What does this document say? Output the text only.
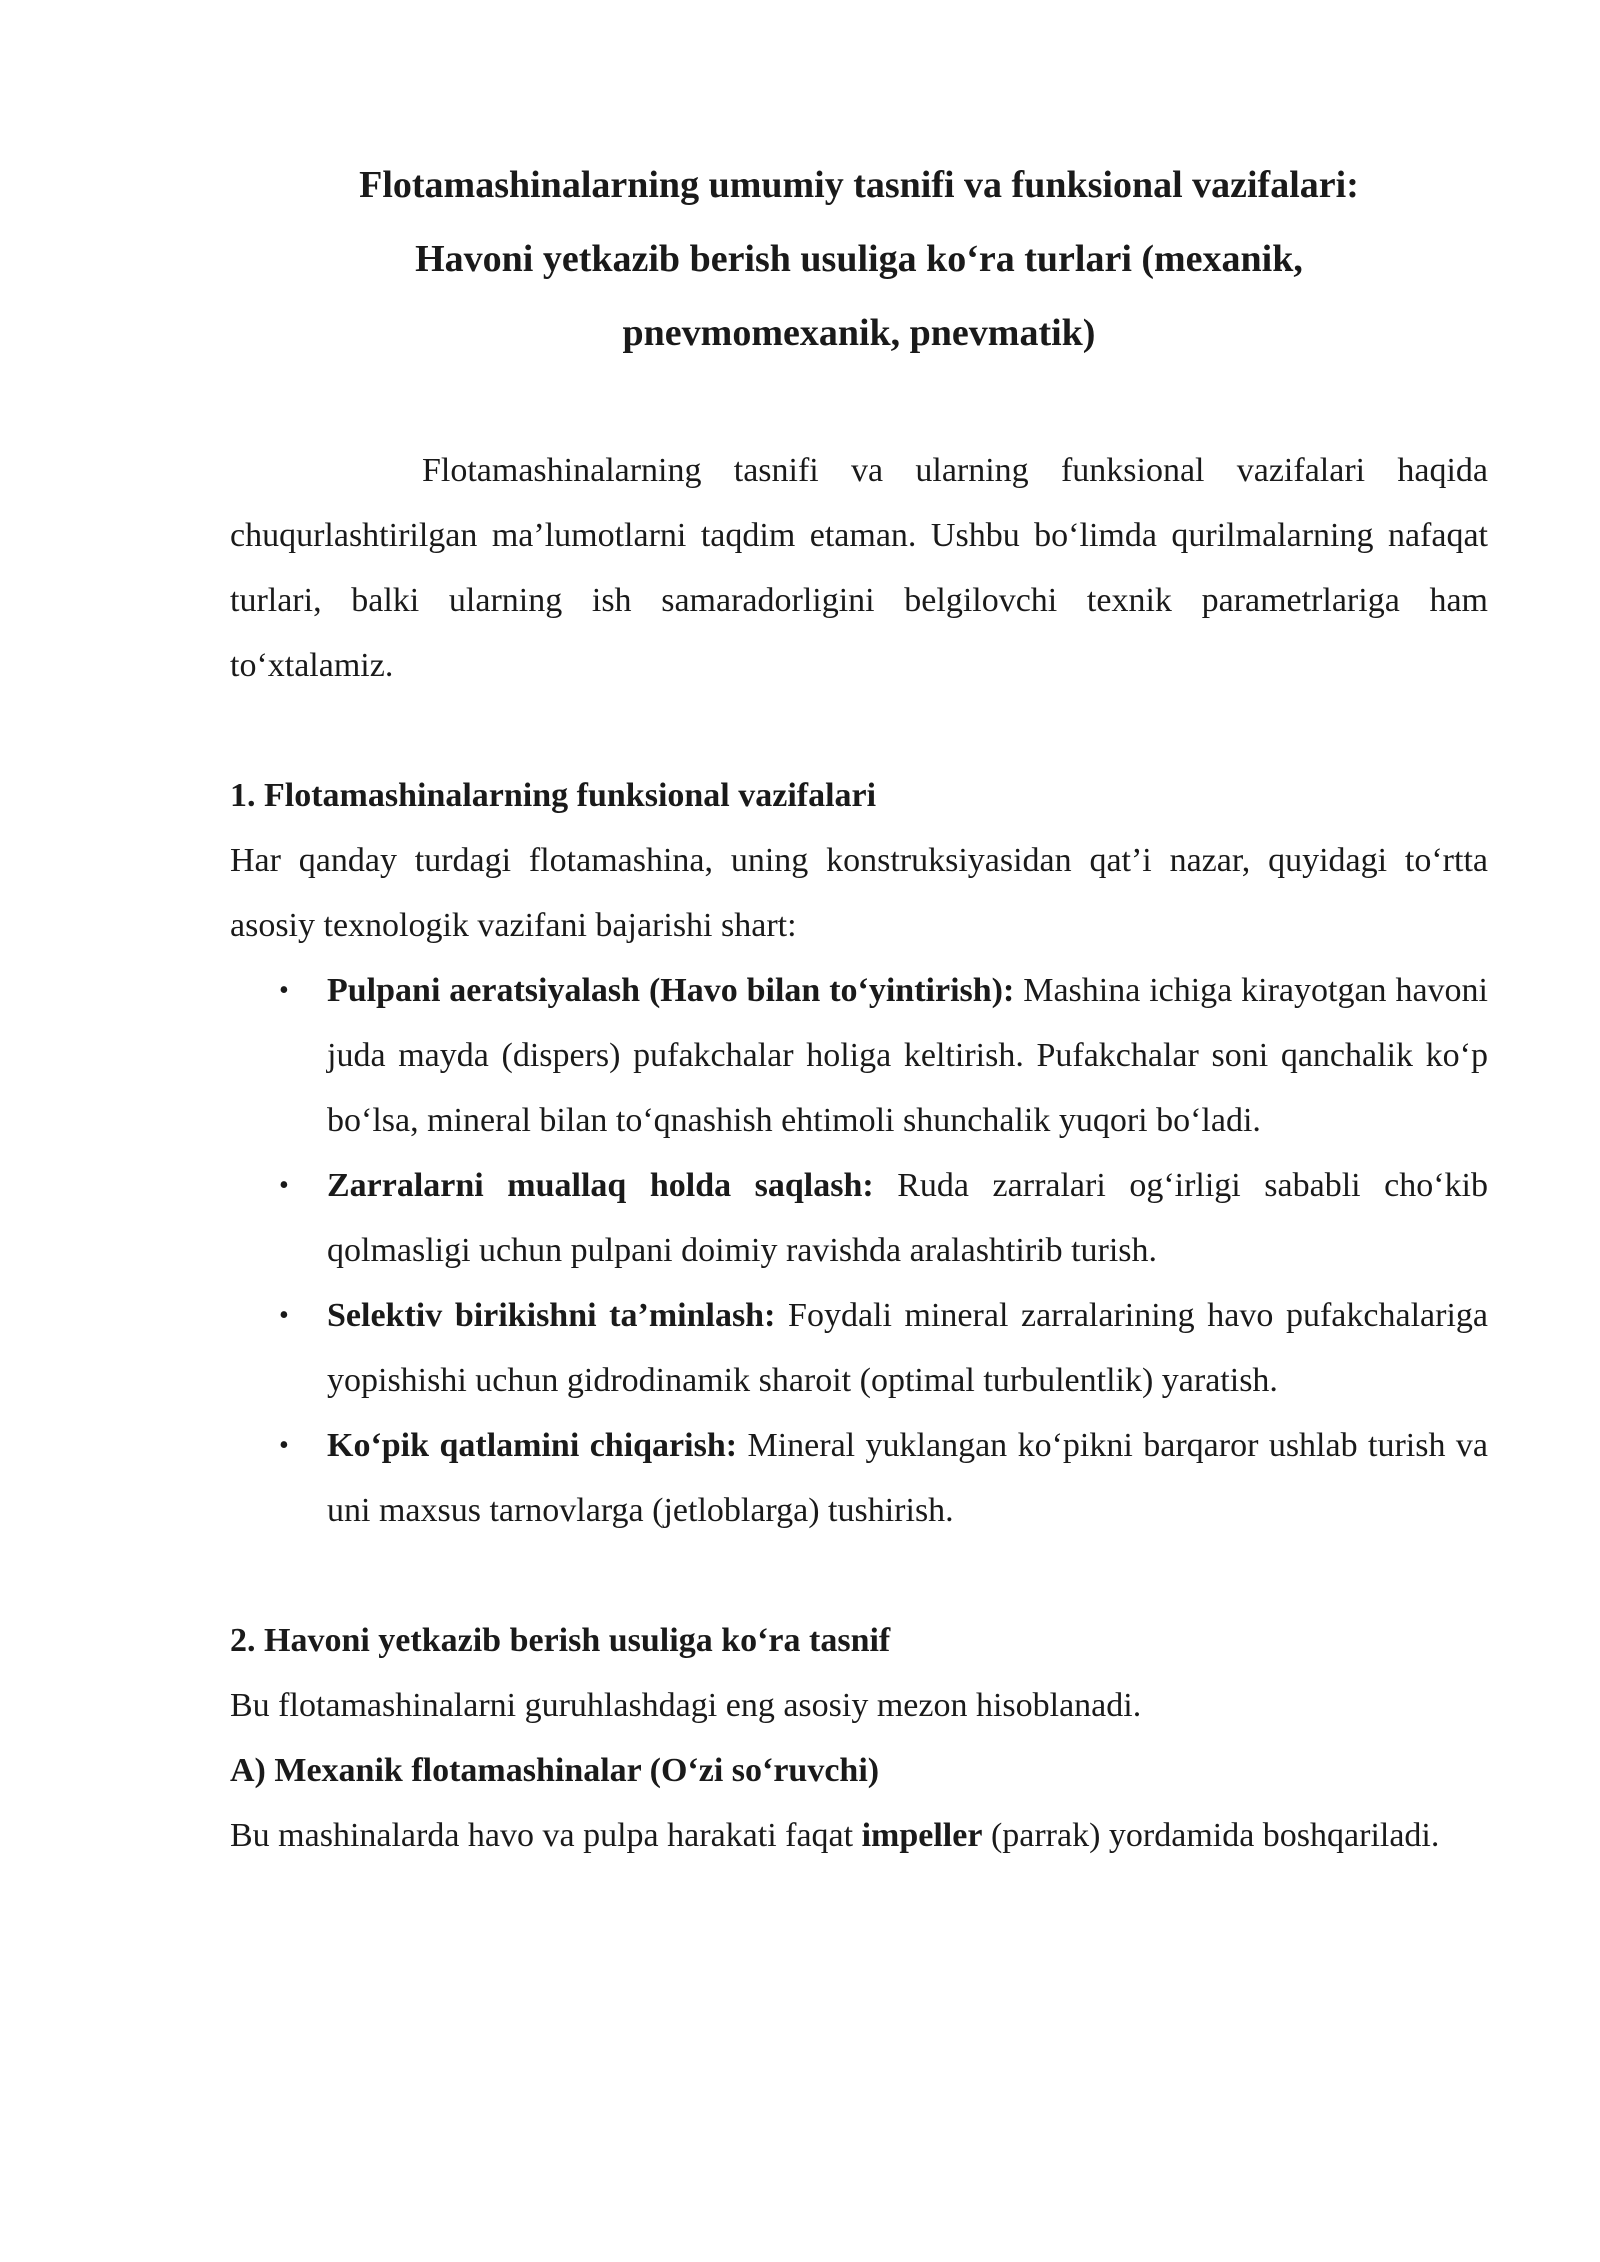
Flotamashinalarning umumiy tasnifi va funksional vazifalari:
Havoni yetkazib berish usuliga ko‘ra turlari (mexanik,
pnevmomexanik, pnevmatik)

Flotamashinalarning tasnifi va ularning funksional vazifalari haqida chuqurlashtirilgan ma’lumotlarni taqdim etaman. Ushbu bo‘limda qurilmalarning nafaqat turlari, balki ularning ish samaradorligini belgilovchi texnik parametrlariga ham to‘xtalamiz.

1. Flotamashinalarning funksional vazifalari

Har qanday turdagi flotamashina, uning konstruksiyasidan qat’i nazar, quyidagi to‘rtta asosiy texnologik vazifani bajarishi shart:

• Pulpani aeratsiyalash (Havo bilan to‘yintirish): Mashina ichiga kirayotgan havoni juda mayda (dispers) pufakchalar holiga keltirish. Pufakchalar soni qanchalik ko‘p bo‘lsa, mineral bilan to‘qnashish ehtimoli shunchalik yuqori bo‘ladi.
• Zarralarni muallaq holda saqlash: Ruda zarralari og‘irligi sababli cho‘kib qolmasligi uchun pulpani doimiy ravishda aralashtirib turish.
• Selektiv birikishni ta’minlash: Foydali mineral zarralarining havo pufakchalariga yopishishi uchun gidrodinamik sharoit (optimal turbulentlik) yaratish.
• Ko‘pik qatlamini chiqarish: Mineral yuklangan ko‘pikni barqaror ushlab turish va uni maxsus tarnovlarga (jetloblarga) tushirish.
2. Havoni yetkazib berish usuliga ko‘ra tasnif

Bu flotamashinalarni guruhlashdagi eng asosiy mezon hisoblanadi.

A) Mexanik flotamashinalar (O‘zi so‘ruvchi)

Bu mashinalarda havo va pulpa harakati faqat impeller (parrak) yordamida boshqariladi.
